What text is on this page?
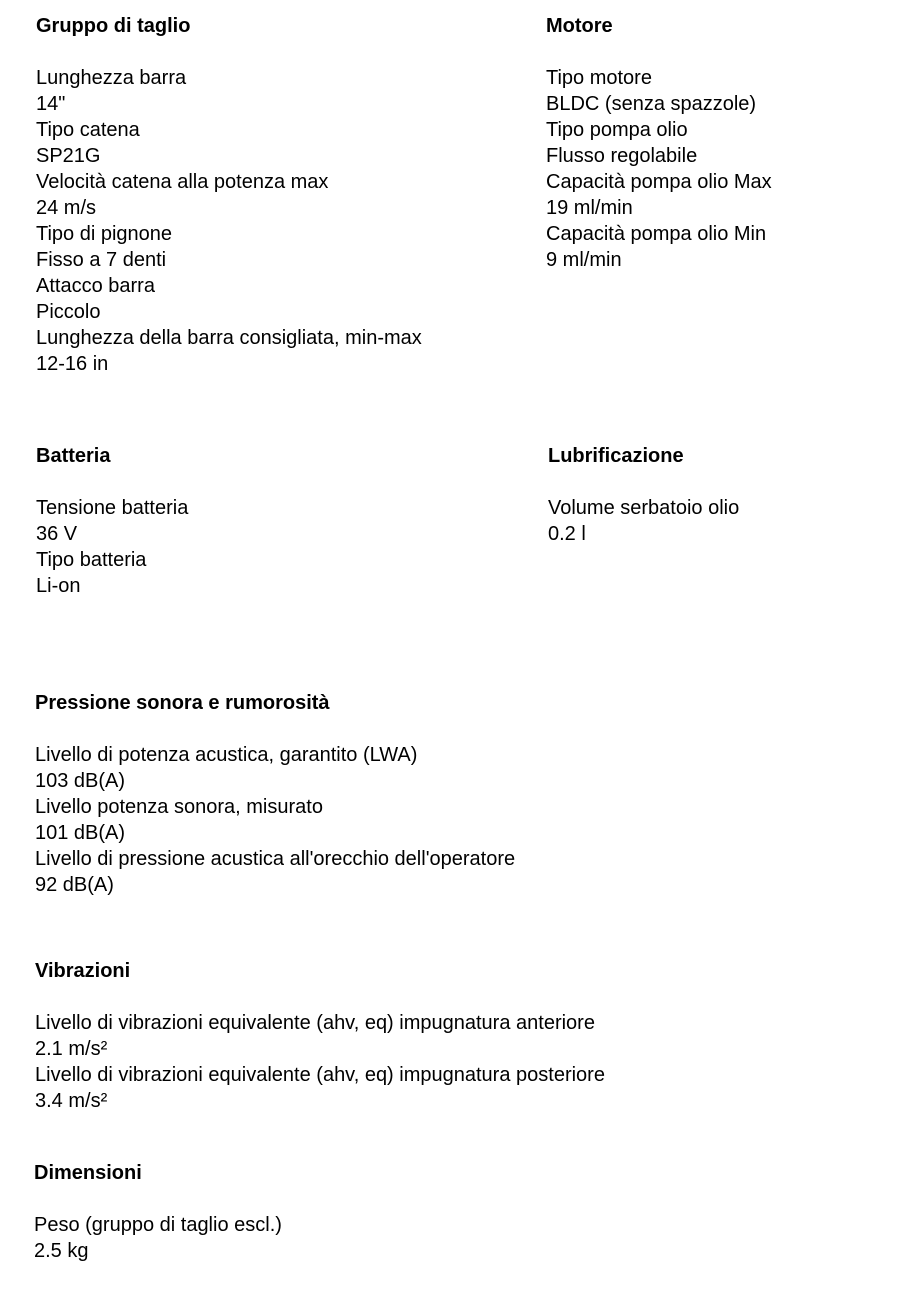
Gruppo di taglio
Lunghezza barra
14"
Tipo catena
SP21G
Velocità catena alla potenza max
24 m/s
Tipo di pignone
Fisso a 7 denti
Attacco barra
Piccolo
Lunghezza della barra consigliata, min-max
12-16 in
Motore
Tipo motore
BLDC (senza spazzole)
Tipo pompa olio
Flusso regolabile
Capacità pompa olio Max
19 ml/min
Capacità pompa olio Min
9 ml/min
Batteria
Tensione batteria
36 V
Tipo batteria
Li-on
Lubrificazione
Volume serbatoio olio
0.2 l
Pressione sonora e rumorosità
Livello di potenza acustica, garantito (LWA)
103 dB(A)
Livello potenza sonora, misurato
101 dB(A)
Livello di pressione acustica all'orecchio dell'operatore
92 dB(A)
Vibrazioni
Livello di vibrazioni equivalente (ahv, eq) impugnatura anteriore
2.1 m/s²
Livello di vibrazioni equivalente (ahv, eq) impugnatura posteriore
3.4 m/s²
Dimensioni
Peso (gruppo di taglio escl.)
2.5 kg
